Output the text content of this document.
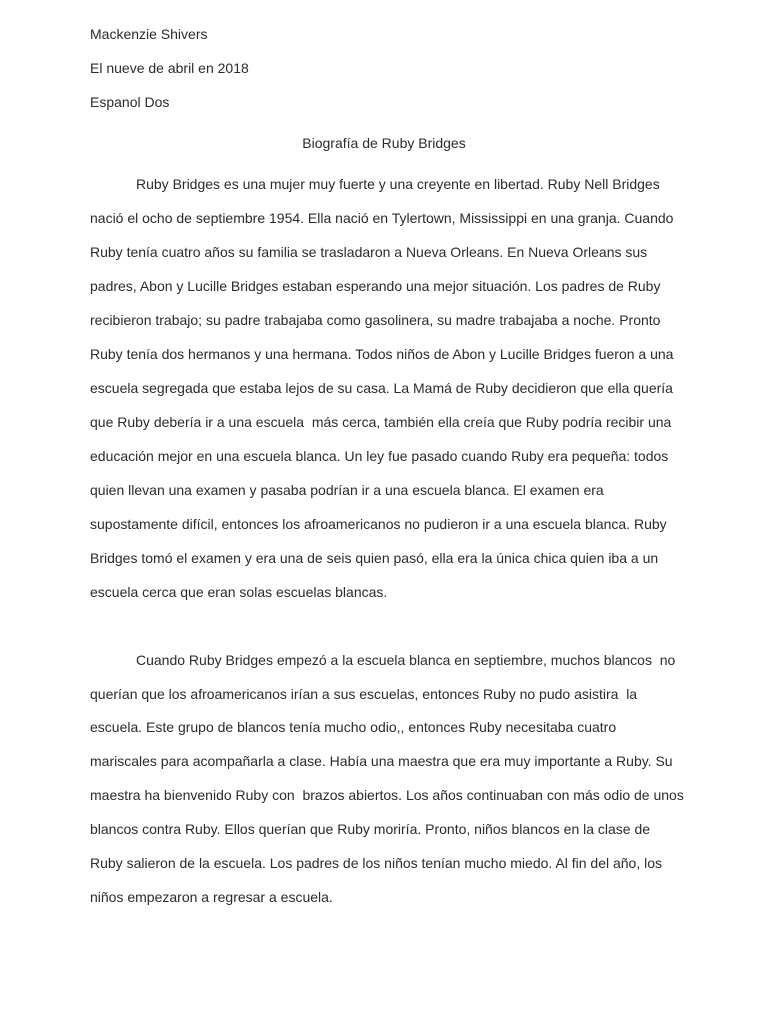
Mackenzie Shivers
El nueve de abril en 2018
Espanol Dos
Biografía de Ruby Bridges
Ruby Bridges es una mujer muy fuerte y una creyente en libertad. Ruby Nell Bridges
nació el ocho de septiembre 1954. Ella nació en Tylertown, Mississippi en una granja. Cuando
Ruby tenía cuatro años su familia se trasladaron a Nueva Orleans. En Nueva Orleans sus
padres, Abon y Lucille Bridges estaban esperando una mejor situación. Los padres de Ruby
recibieron trabajo; su padre trabajaba como gasolinera, su madre trabajaba a noche. Pronto
Ruby tenía dos hermanos y una hermana. Todos niños de Abon y Lucille Bridges fueron a una
escuela segregada que estaba lejos de su casa. La Mamá de Ruby decidieron que ella quería
que Ruby debería ir a una escuela  más cerca, también ella creía que Ruby podría recibir una
educación mejor en una escuela blanca. Un ley fue pasado cuando Ruby era pequeña: todos
quien llevan una examen y pasaba podrían ir a una escuela blanca. El examen era
supostamente difícil, entonces los afroamericanos no pudieron ir a una escuela blanca. Ruby
Bridges tomó el examen y era una de seis quien pasó, ella era la única chica quien iba a un
escuela cerca que eran solas escuelas blancas.
Cuando Ruby Bridges empezó a la escuela blanca en septiembre, muchos blancos  no
querían que los afroamericanos irían a sus escuelas, entonces Ruby no pudo asistira  la
escuela. Este grupo de blancos tenía mucho odio,, entonces Ruby necesitaba cuatro
mariscales para acompañarla a clase. Había una maestra que era muy importante a Ruby. Su
maestra ha bienvenido Ruby con  brazos abiertos. Los años continuaban con más odio de unos
blancos contra Ruby. Ellos querían que Ruby moriría. Pronto, niños blancos en la clase de
Ruby salieron de la escuela. Los padres de los niños tenían mucho miedo. Al fin del año, los
niños empezaron a regresar a escuela.
